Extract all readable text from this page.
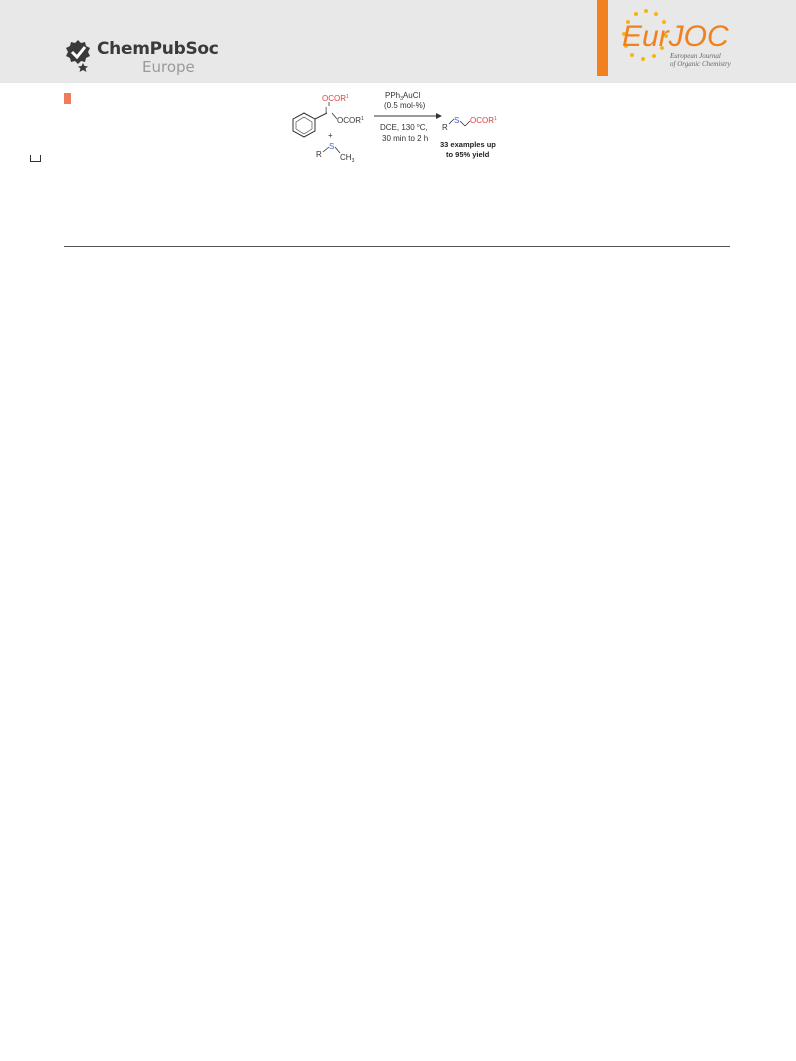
ChemPubSoc
Europe
EurJOC
European Journal
of Organic Chemistry
I
OCOR$^1$
$OCOR^1$
+
R
S
$CH_3$
PPh$_3$AuCl
(0.5 mol-%)
DCE, 130 $^o$C,
30 min to 2 h
R
S OCOR$^1$
33 examples up
to 95% yield
